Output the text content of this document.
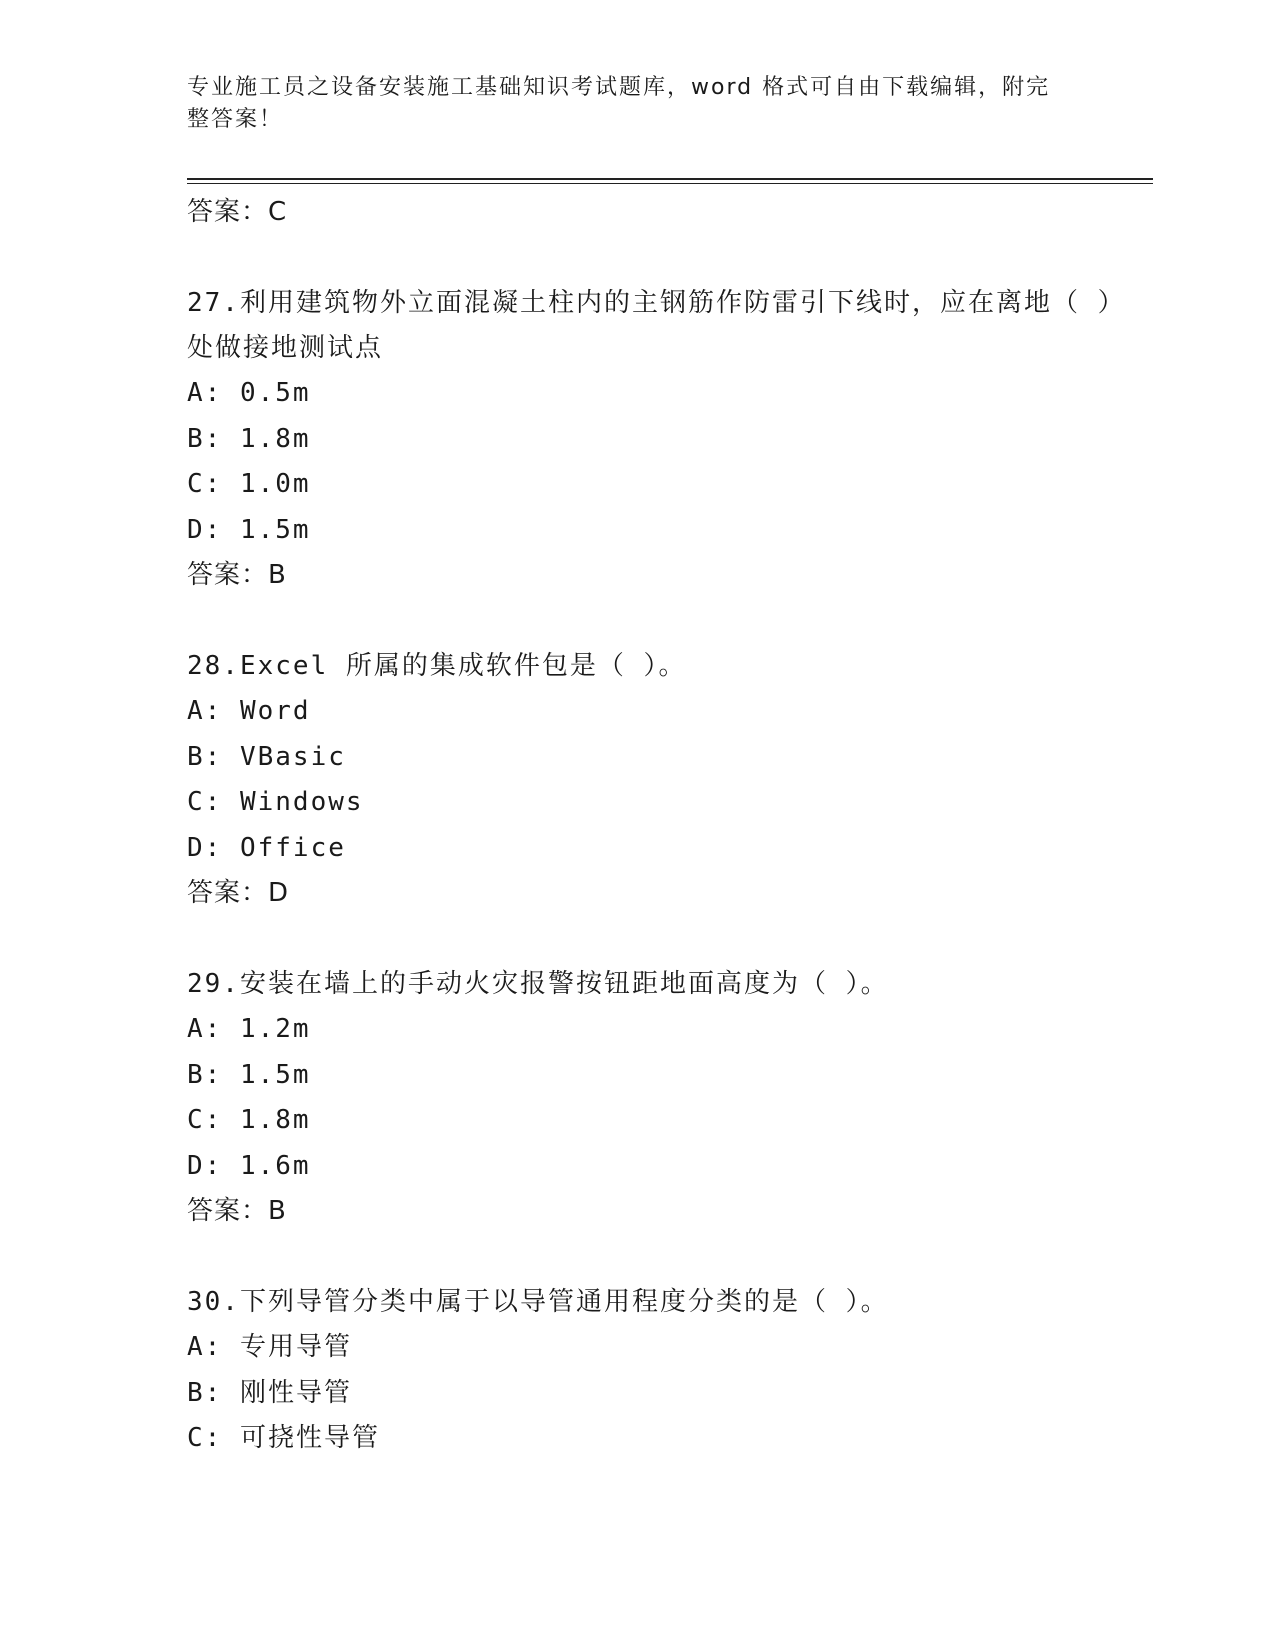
专业施工员之设备安装施工基础知识考试题库，word 格式可自由下载编辑，附完整答案！
答案：C
27.利用建筑物外立面混凝土柱内的主钢筋作防雷引下线时，应在离地（ ）处做接地测试点
A: 0.5m
B: 1.8m
C: 1.0m
D: 1.5m
答案：B
28.Excel 所属的集成软件包是（ ）。
A: Word
B: VBasic
C: Windows
D: Office
答案：D
29.安装在墙上的手动火灾报警按钮距地面高度为（ ）。
A: 1.2m
B: 1.5m
C: 1.8m
D: 1.6m
答案：B
30.下列导管分类中属于以导管通用程度分类的是（ ）。
A: 专用导管
B: 刚性导管
C: 可挠性导管
